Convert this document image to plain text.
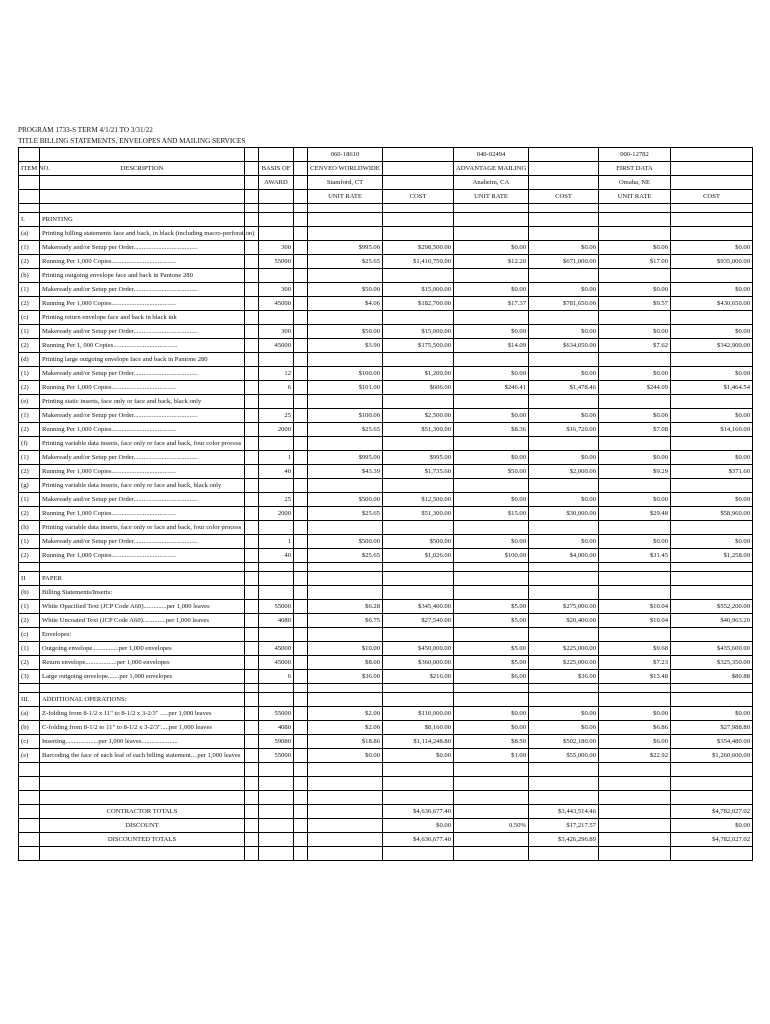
PROGRAM 1733-S TERM 4/1/21 TO 3/31/22
TITLE BILLING STATEMENTS, ENVELOPES AND MAILING SERVICES
					060-18610		040-02494		000-12782	
ITEM NO.	DESCRIPTION		BASIS OF		CENVEO WORLDWIDE		ADVANTAGE MAILING		FIRST DATA	
			AWARD		Stamford, CT		Anaheim, CA		Omaha, NE	
					UNIT RATE	COST	UNIT RATE	COST	UNIT RATE	COST

I.	PRINTING									
(a)	Printing billing statements face and back, in black (including macro-perforation)									
(1)	Makeready and/or Setup per Order.......................................		300		$995.00	$298,500.00	$0.00	$0.00	$0.00	$0.00
(2)	Running Per 1,000 Copies.......................................		55000		$25.65	$1,410,750.00	$12.20	$671,000.00	$17.00	$935,000.00
(b)	Printing outgoing envelope face and back in Pantone 280									
(1)	Makeready and/or Setup per Order.......................................		300		$50.00	$15,000.00	$0.00	$0.00	$0.00	$0.00
(2)	Running Per 1,000 Copies.......................................		45000		$4.06	$182,700.00	$17.37	$781,650.00	$9.57	$430,650.00
(c)	Printing return envelope face and back in black ink									
(1)	Makeready and/or Setup per Order.......................................		300		$50.00	$15,000.00	$0.00	$0.00	$0.00	$0.00
(2)	Running Per 1, 000 Copies.......................................		45000		$3.90	$175,500.00	$14.09	$634,050.00	$7.62	$342,900.00
(d)	Printing large outgoing envelope face and back in Pantone 280									
(1)	Makeready and/or Setup per Order.......................................		12		$100.00	$1,200.00	$0.00	$0.00	$0.00	$0.00
(2)	Running Per 1,000 Copies.......................................		6		$101.00	$606.00	$246.41	$1,478.46	$244.09	$1,464.54
(e)	Printing static inserts, face only or face and back, black only									
(1)	Makeready and/or Setup per Order.......................................		25		$100.00	$2,500.00	$0.00	$0.00	$0.00	$0.00
(2)	Running Per 1,000 Copies.......................................		2000		$25.65	$51,300.00	$8.36	$16,720.00	$7.08	$14,160.00
(f)	Printing variable data inserts, face only or face and back, four color process									
(1)	Makeready and/or Setup per Order.......................................		1		$995.00	$995.00	$0.00	$0.00	$0.00	$0.00
(2)	Running Per 1,000 Copies.......................................		40		$43.39	$1,735.60	$50.00	$2,000.00	$9.29	$371.60
(g)	Printing variable data inserts, face only or face and back, black only									
(1)	Makeready and/or Setup per Order.......................................		25		$500.00	$12,500.00	$0.00	$0.00	$0.00	$0.00
(2)	Running Per 1,000 Copies.......................................		2000		$25.65	$51,300.00	$15.00	$30,000.00	$29.48	$58,960.00
(h)	Printing variable data inserts, face only or face and back, four color process									
(1)	Makeready and/or Setup per Order.......................................		1		$500.00	$500.00	$0.00	$0.00	$0.00	$0.00
(2)	Running Per 1,000 Copies.......................................		40		$25.65	$1,026.00	$100.00	$4,000.00	$31.45	$1,258.00

II	PAPER									
(b)	Billing Statements/Inserts:									
(1)	White Opacified Text (JCP Code A60)..............per 1,000 leaves		55000		$6.28	$345,400.00	$5.00	$275,000.00	$10.04	$552,200.00
(2)	White Uncoated Text (JCP Code A60)..............per 1,000 leaves		4080		$6.75	$27,540.00	$5.00	$20,400.00	$10.04	$40,963.20
(c)	Envelopes:									
(1)	Outgoing envelope................per 1,000 envelopes		45000		$10.00	$450,000.00	$5.00	$225,000.00	$9.68	$435,600.00
(2)	Return envelope...................per 1,000 envelopes		45000		$8.00	$360,000.00	$5.00	$225,000.00	$7.23	$325,350.00
(3)	Large outgoing envelope.......per 1,000 envelopes		6		$36.00	$216.00	$6.00	$36.00	$13.48	$80.88

III.	ADDITIONAL OPERATIONS:									
(a)	Z-folding from 8-1/2 x 11" to 8-1/2 x 3-2/3" .....per 1,000 leaves		55000		$2.00	$110,000.00	$0.00	$0.00	$0.00	$0.00
(b)	C-folding from 8-1/2 to 11" to 8-1/2 x 3-2/3".....per 1,000 leaves		4080		$2.00	$8,160.00	$0.00	$0.00	$6.86	$27,988.80
(c)	Inserting....................per 1,000 leaves......................		59080		$18.86	$1,114,248.80	$8.50	$502,180.00	$6.00	$354,480.00
(e)	Barcoding the face of each leaf of each billing statement....per 1,000 leaves		55000		$0.00	$0.00	$1.00	$55,000.00	$22.92	$1,260,600.00

	CONTRACTOR TOTALS					$4,636,677.40		$3,443,514.46		$4,782,027.02
	DISCOUNT					$0.00	0.50%	$17,217.57		$0.00
	DISCOUNTED TOTALS					$4,636,677.40		$3,426,296.89		$4,782,027.02
